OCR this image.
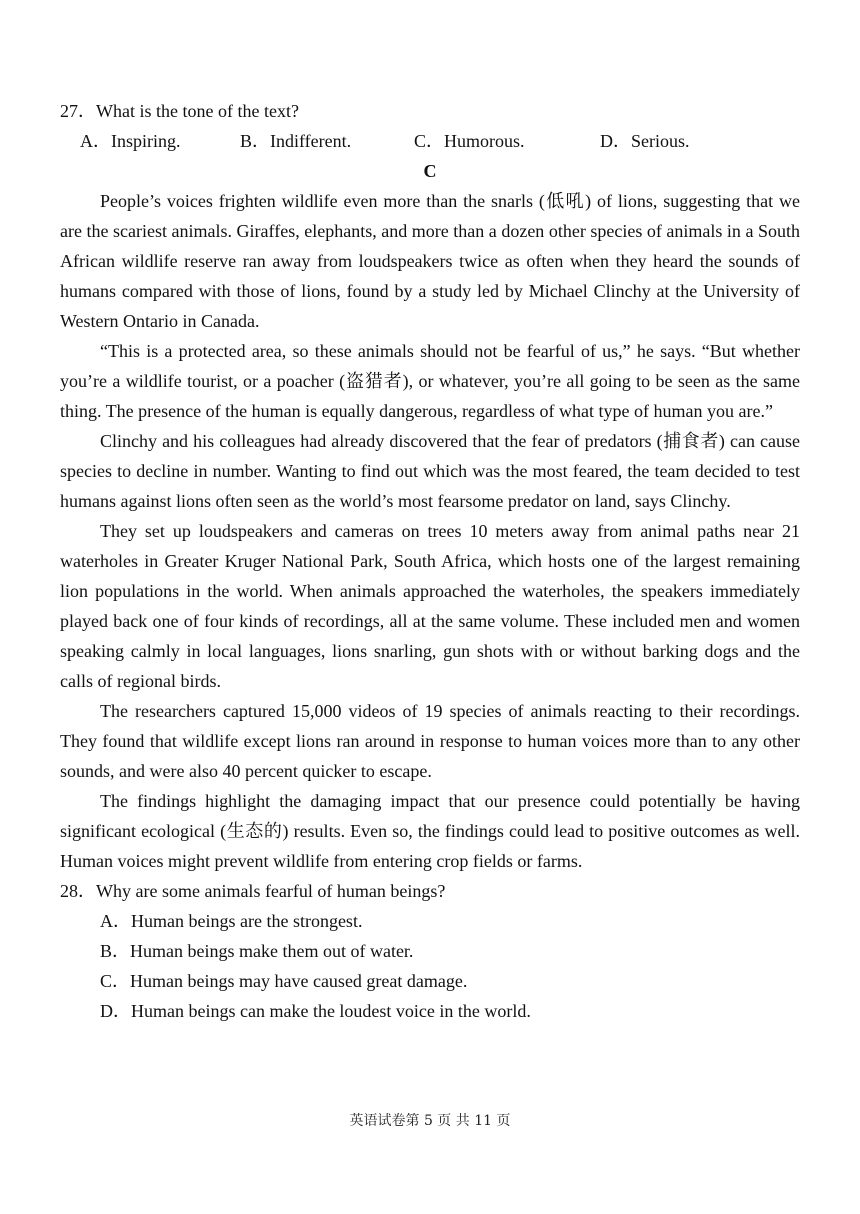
27．What is the tone of the text?
A．Inspiring.	B．Indifferent.	C．Humorous.	D．Serious.
C

People’s voices frighten wildlife even more than the snarls (低吼) of lions, suggesting that we are the scariest animals. Giraffes, elephants, and more than a dozen other species of animals in a South African wildlife reserve ran away from loudspeakers twice as often when they heard the sounds of humans compared with those of lions, found by a study led by Michael Clinchy at the University of Western Ontario in Canada.

“This is a protected area, so these animals should not be fearful of us,” he says. “But whether you’re a wildlife tourist, or a poacher (盗猎者), or whatever, you’re all going to be seen as the same thing. The presence of the human is equally dangerous, regardless of what type of human you are.”

Clinchy and his colleagues had already discovered that the fear of predators (捕食者) can cause species to decline in number. Wanting to find out which was the most feared, the team decided to test humans against lions often seen as the world’s most fearsome predator on land, says Clinchy.

They set up loudspeakers and cameras on trees 10 meters away from animal paths near 21 waterholes in Greater Kruger National Park, South Africa, which hosts one of the largest remaining lion populations in the world. When animals approached the waterholes, the speakers immediately played back one of four kinds of recordings, all at the same volume. These included men and women speaking calmly in local languages, lions snarling, gun shots with or without barking dogs and the calls of regional birds.

The researchers captured 15,000 videos of 19 species of animals reacting to their recordings. They found that wildlife except lions ran around in response to human voices more than to any other sounds, and were also 40 percent quicker to escape.

The findings highlight the damaging impact that our presence could potentially be having significant ecological (生态的) results. Even so, the findings could lead to positive outcomes as well. Human voices might prevent wildlife from entering crop fields or farms.

28．Why are some animals fearful of human beings?
A．Human beings are the strongest.
B．Human beings make them out of water.
C．Human beings may have caused great damage.
D．Human beings can make the loudest voice in the world.
英语试卷第 5 页 共 11 页
